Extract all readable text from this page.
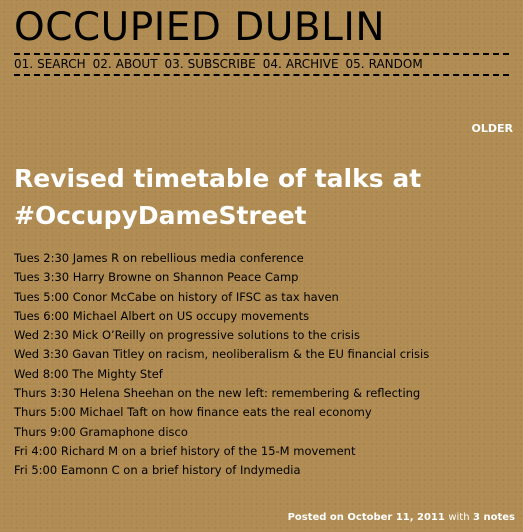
OCCUPIED DUBLIN
01. SEARCH 02. ABOUT 03. SUBSCRIBE 04. ARCHIVE 05. RANDOM
OLDER
Revised timetable of talks at #OccupyDameStreet
Tues 2:30 James R on rebellious media conference
Tues 3:30 Harry Browne on Shannon Peace Camp
Tues 5:00 Conor McCabe on history of IFSC as tax haven
Tues 6:00 Michael Albert on US occupy movements
Wed 2:30 Mick O’Reilly on progressive solutions to the crisis
Wed 3:30 Gavan Titley on racism, neoliberalism & the EU financial crisis
Wed 8:00 The Mighty Stef
Thurs 3:30 Helena Sheehan on the new left: remembering & reflecting
Thurs 5:00 Michael Taft on how finance eats the real economy
Thurs 9:00 Gramaphone disco
Fri 4:00 Richard M on a brief history of the 15-M movement
Fri 5:00 Eamonn C on a brief history of Indymedia
Posted on October 11, 2011 with 3 notes
